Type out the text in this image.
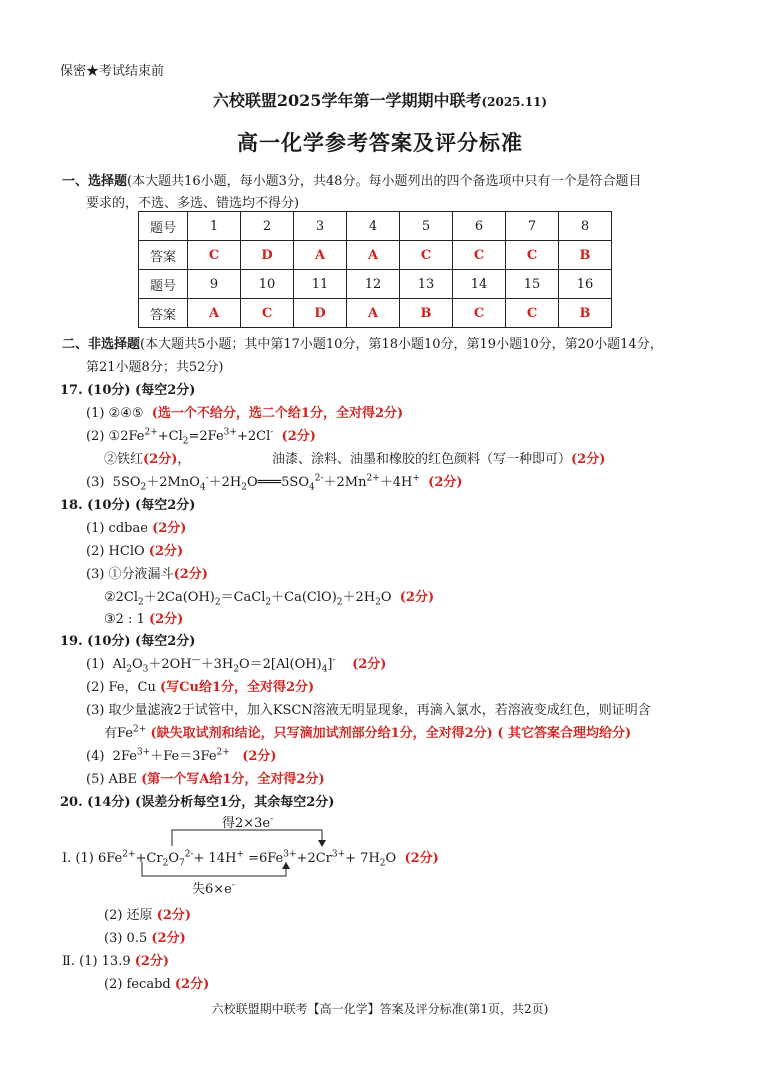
保密★考试结束前
六校联盟2025学年第一学期期中联考(2025.11)
高一化学参考答案及评分标准
一、选择题(本大题共16小题，每小题3分，共48分。每小题列出的四个备选项中只有一个是符合题目
要求的，不选、多选、错选均不得分)
题号	1	2	3	4	5	6	7	8
答案	C	D	A	A	C	C	C	B
题号	9	10	11	12	13	14	15	16
答案	A	C	D	A	B	C	C	B
二、非选择题(本大题共5小题；其中第17小题10分，第18小题10分，第19小题10分，第20小题14分，
第21小题8分；共52分)
17. (10分) (每空2分)
(1) ②④⑤ (选一个不给分，选二个给1分，全对得2分)
(2) $①2Fe^{2+}+Cl_2=2Fe^{3+}+2Cl^-$ (2分)
②铁红(2分)，	油漆、涂料、油墨和橡胶的红色颜料（写一种即可）(2分)
(3)  $5SO_2+2MnO_4^-+2H_2O═══5SO_4^{2-}+2Mn^{2+}+4H^+$ (2分)
18. (10分) (每空2分)
(1) cdbae (2分)
(2) HClO (2分)
(3) ①分液漏斗(2分)
$②2Cl_2+2Ca(OH)_2=CaCl_2+Ca(ClO)_2+2H_2O$  (2分)
③2 : 1 (2分)
19. (10分) (每空2分)
(1)  $Al_2O_3+2OH^—+3H_2O=2[Al(OH)_4]^-$ (2分)
(2) Fe，Cu (写Cu给1分，全对得2分)
(3) 取少量滤液2于试管中，加入KSCN溶液无明显现象，再滴入氯水，若溶液变成红色，则证明含
有$Fe^{2+}$ (缺失取试剂和结论，只写滴加试剂部分给1分，全对得2分) ( 其它答案合理均给分)
(4)  $2Fe^{3+}+Fe=3Fe^{2+}$ (2分)
(5) ABE (第一个写A给1分，全对得2分)
20. (14分) (误差分析每空1分，其余每空2分)
得2×3e-
Ⅰ. (1) $6Fe^{2+}+Cr_2O_7^{2-}+ 14H^+ =6Fe^{3+}+2Cr^{3+}+ 7H_2O$  (2分)
失6×e-
(2) 还原 (2分)
(3) 0.5 (2分)
Ⅱ. (1) 13.9 (2分)
(2) fecabd (2分)
六校联盟期中联考【高一化学】答案及评分标准(第1页，共2页)
